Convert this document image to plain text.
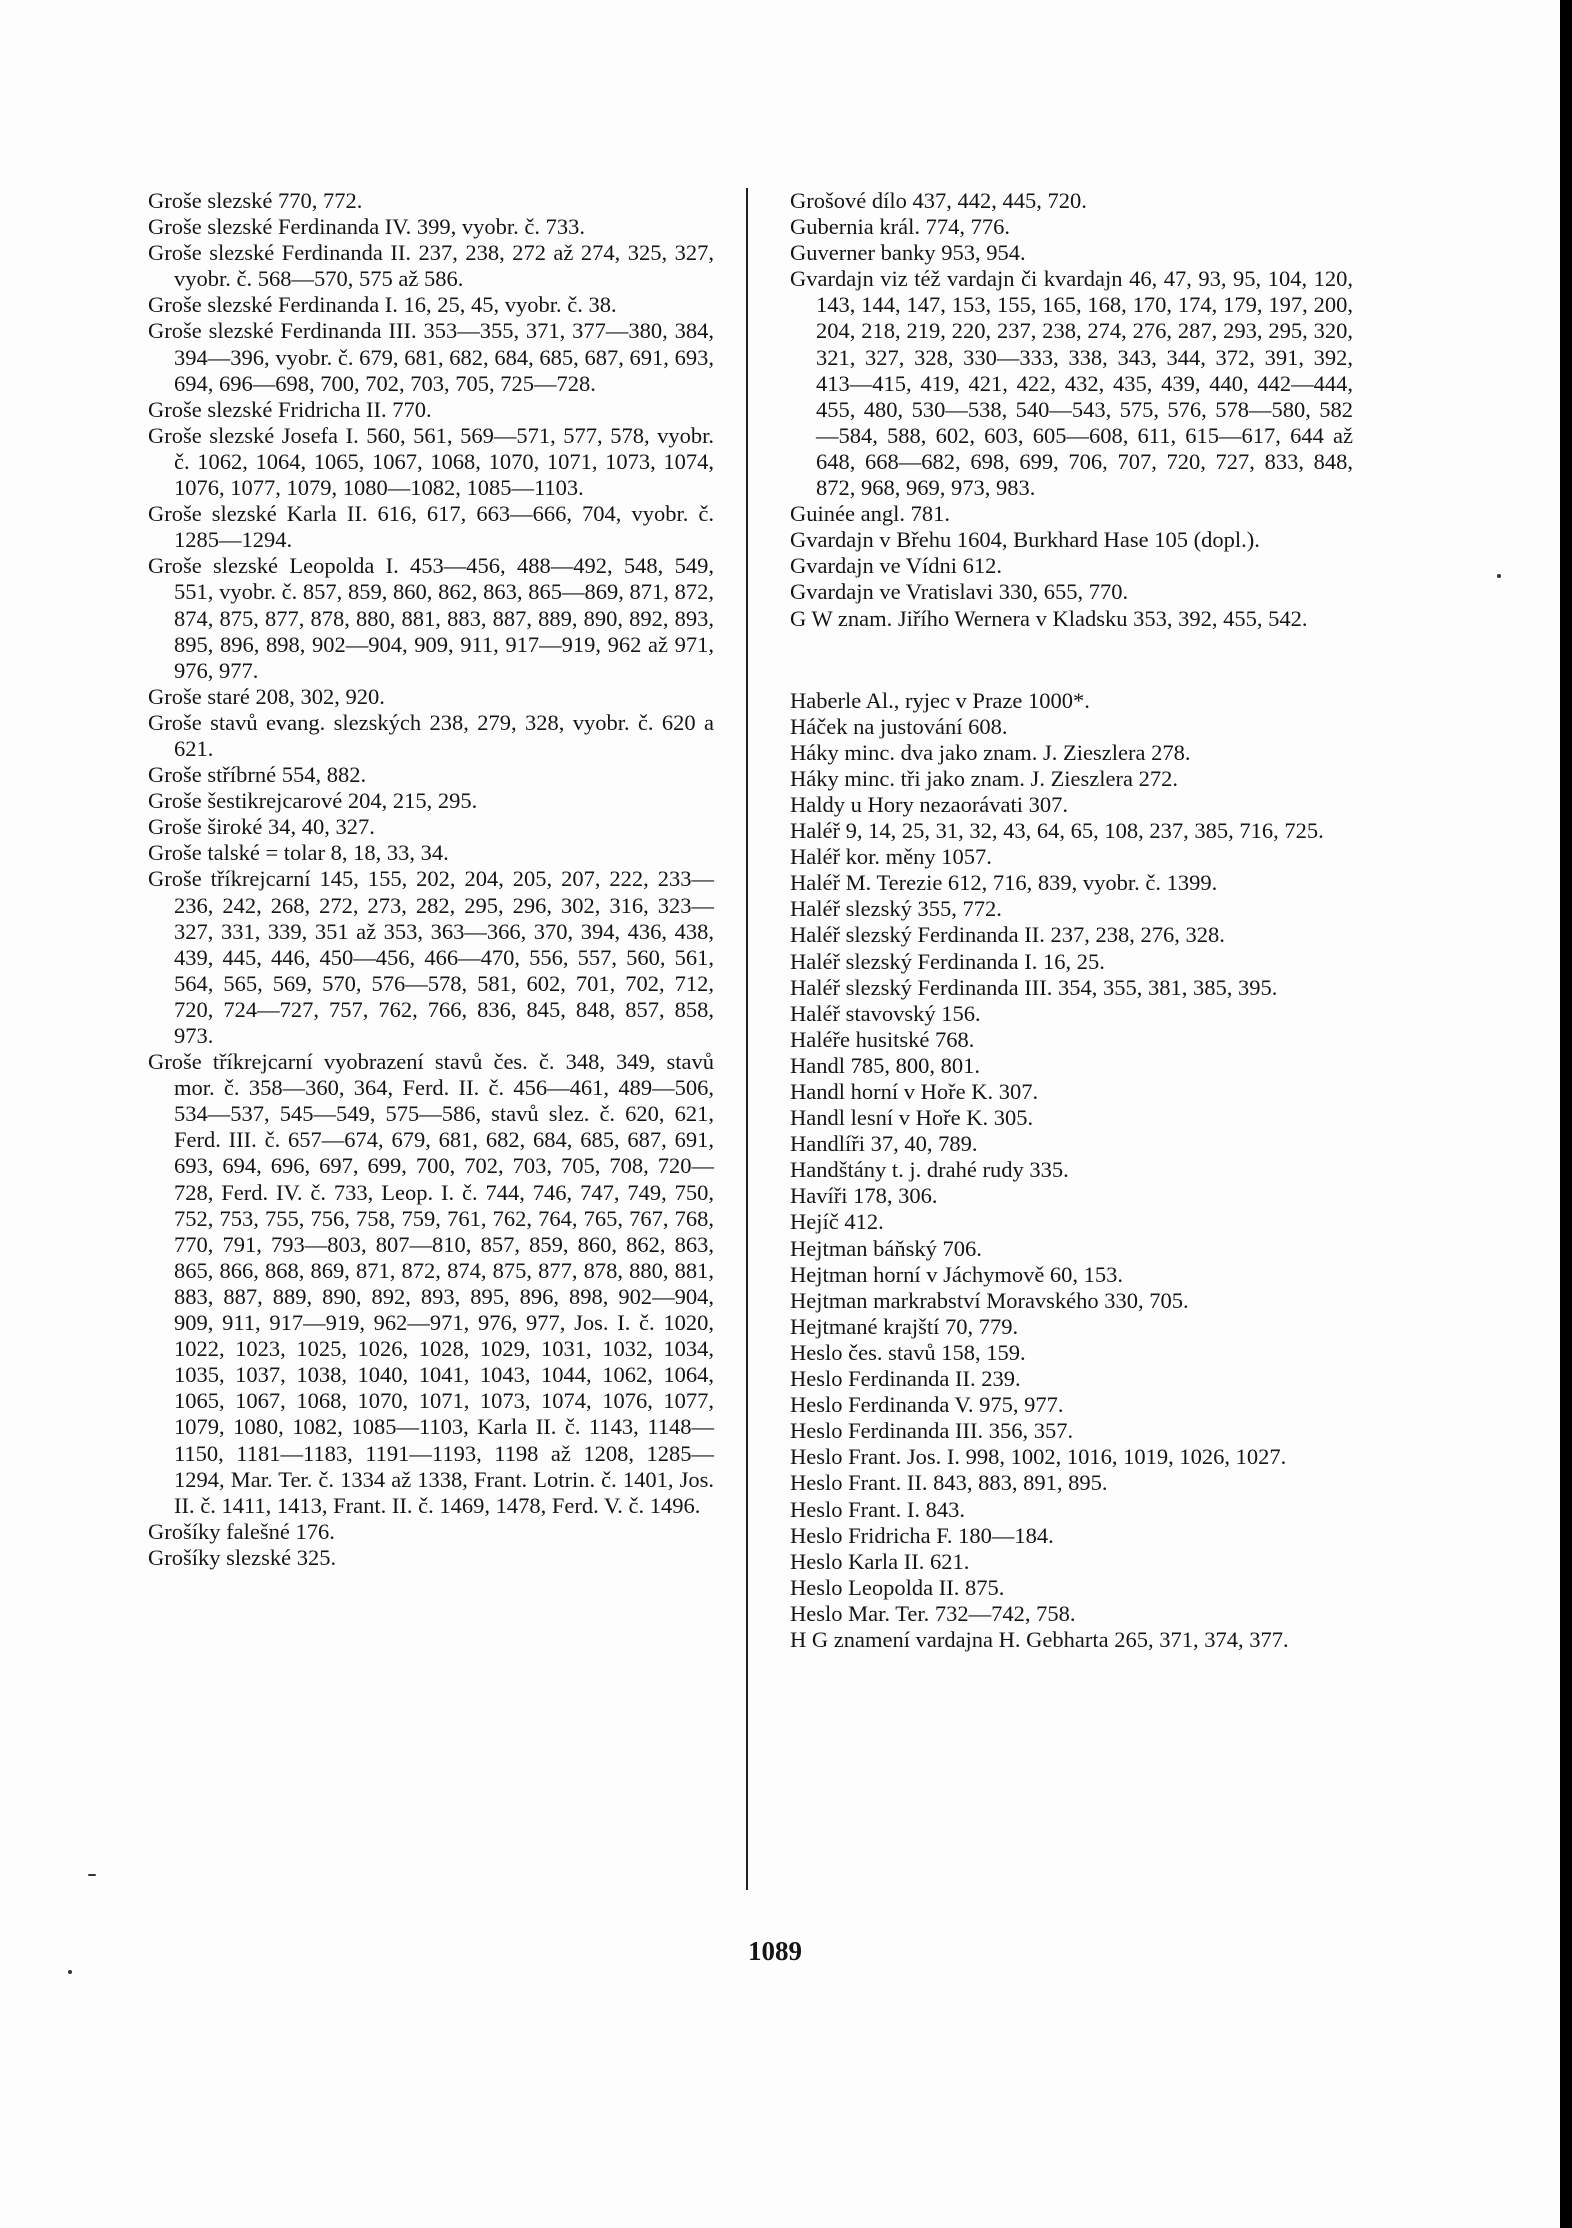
Groše slezské 770, 772.

Groše slezské Ferdinanda IV. 399, vyobr. č. 733.

Groše slezské Ferdinanda II. 237, 238, 272 až 274, 325, 327, vyobr. č. 568—570, 575 až 586.

Groše slezské Ferdinanda I. 16, 25, 45, vyobr. č. 38.

Groše slezské Ferdinanda III. 353—355, 371, 377—380, 384, 394—396, vyobr. č. 679, 681, 682, 684, 685, 687, 691, 693, 694, 696—698, 700, 702, 703, 705, 725—728.

Groše slezské Fridricha II. 770.

Groše slezské Josefa I. 560, 561, 569—571, 577, 578, vyobr. č. 1062, 1064, 1065, 1067, 1068, 1070, 1071, 1073, 1074, 1076, 1077, 1079, 1080—1082, 1085—1103.

Groše slezské Karla II. 616, 617, 663—666, 704, vyobr. č. 1285—1294.

Groše slezské Leopolda I. 453—456, 488—492, 548, 549, 551, vyobr. č. 857, 859, 860, 862, 863, 865—869, 871, 872, 874, 875, 877, 878, 880, 881, 883, 887, 889, 890, 892, 893, 895, 896, 898, 902—904, 909, 911, 917—919, 962 až 971, 976, 977.

Groše staré 208, 302, 920.

Groše stavů evang. slezských 238, 279, 328, vyobr. č. 620 a 621.

Groše stříbrné 554, 882.

Groše šestikrejcarové 204, 215, 295.

Groše široké 34, 40, 327.

Groše talské = tolar 8, 18, 33, 34.

Groše tříkrejcarní 145, 155, 202, 204, 205, 207, 222, 233—236, 242, 268, 272, 273, 282, 295, 296, 302, 316, 323—327, 331, 339, 351 až 353, 363—366, 370, 394, 436, 438, 439, 445, 446, 450—456, 466—470, 556, 557, 560, 561, 564, 565, 569, 570, 576—578, 581, 602, 701, 702, 712, 720, 724—727, 757, 762, 766, 836, 845, 848, 857, 858, 973.

Groše tříkrejcarní vyobrazení stavů čes. č. 348, 349, stavů mor. č. 358—360, 364, Ferd. II. č. 456—461, 489—506, 534—537, 545—549, 575—586, stavů slez. č. 620, 621, Ferd. III. č. 657—674, 679, 681, 682, 684, 685, 687, 691, 693, 694, 696, 697, 699, 700, 702, 703, 705, 708, 720—728, Ferd. IV. č. 733, Leop. I. č. 744, 746, 747, 749, 750, 752, 753, 755, 756, 758, 759, 761, 762, 764, 765, 767, 768, 770, 791, 793—803, 807—810, 857, 859, 860, 862, 863, 865, 866, 868, 869, 871, 872, 874, 875, 877, 878, 880, 881, 883, 887, 889, 890, 892, 893, 895, 896, 898, 902—904, 909, 911, 917—919, 962—971, 976, 977, Jos. I. č. 1020, 1022, 1023, 1025, 1026, 1028, 1029, 1031, 1032, 1034, 1035, 1037, 1038, 1040, 1041, 1043, 1044, 1062, 1064, 1065, 1067, 1068, 1070, 1071, 1073, 1074, 1076, 1077, 1079, 1080, 1082, 1085—1103, Karla II. č. 1143, 1148—1150, 1181—1183, 1191—1193, 1198 až 1208, 1285—1294, Mar. Ter. č. 1334 až 1338, Frant. Lotrin. č. 1401, Jos. II. č. 1411, 1413, Frant. II. č. 1469, 1478, Ferd. V. č. 1496.

Grošíky falešné 176.

Grošíky slezské 325.

Grošové dílo 437, 442, 445, 720.

Gubernia král. 774, 776.

Guverner banky 953, 954.

Gvardajn viz též vardajn či kvardajn 46, 47, 93, 95, 104, 120, 143, 144, 147, 153, 155, 165, 168, 170, 174, 179, 197, 200, 204, 218, 219, 220, 237, 238, 274, 276, 287, 293, 295, 320, 321, 327, 328, 330—333, 338, 343, 344, 372, 391, 392, 413—415, 419, 421, 422, 432, 435, 439, 440, 442—444, 455, 480, 530—538, 540—543, 575, 576, 578—580, 582—584, 588, 602, 603, 605—608, 611, 615—617, 644 až 648, 668—682, 698, 699, 706, 707, 720, 727, 833, 848, 872, 968, 969, 973, 983.

Guinée angl. 781.

Gvardajn v Břehu 1604, Burkhard Hase 105 (dopl.).

Gvardajn ve Vídni 612.

Gvardajn ve Vratislavi 330, 655, 770.

G W znam. Jiřího Wernera v Kladsku 353, 392, 455, 542.

Haberle Al., ryjec v Praze 1000*.

Háček na justování 608.

Háky minc. dva jako znam. J. Zieszlera 278.

Háky minc. tři jako znam. J. Zieszlera 272.

Haldy u Hory nezaorávati 307.

Haléř 9, 14, 25, 31, 32, 43, 64, 65, 108, 237, 385, 716, 725.

Haléř kor. měny 1057.

Haléř M. Terezie 612, 716, 839, vyobr. č. 1399.

Haléř slezský 355, 772.

Haléř slezský Ferdinanda II. 237, 238, 276, 328.

Haléř slezský Ferdinanda I. 16, 25.

Haléř slezský Ferdinanda III. 354, 355, 381, 385, 395.

Haléř stavovský 156.

Haléře husitské 768.

Handl 785, 800, 801.

Handl horní v Hoře K. 307.

Handl lesní v Hoře K. 305.

Handlíři 37, 40, 789.

Handštány t. j. drahé rudy 335.

Havíři 178, 306.

Hejíč 412.

Hejtman báňský 706.

Hejtman horní v Jáchymově 60, 153.

Hejtman markrabství Moravského 330, 705.

Hejtmané krajští 70, 779.

Heslo čes. stavů 158, 159.

Heslo Ferdinanda II. 239.

Heslo Ferdinanda V. 975, 977.

Heslo Ferdinanda III. 356, 357.

Heslo Frant. Jos. I. 998, 1002, 1016, 1019, 1026, 1027.

Heslo Frant. II. 843, 883, 891, 895.

Heslo Frant. I. 843.

Heslo Fridricha F. 180—184.

Heslo Karla II. 621.

Heslo Leopolda II. 875.

Heslo Mar. Ter. 732—742, 758.

H G znamení vardajna H. Gebharta 265, 371, 374, 377.

1089
